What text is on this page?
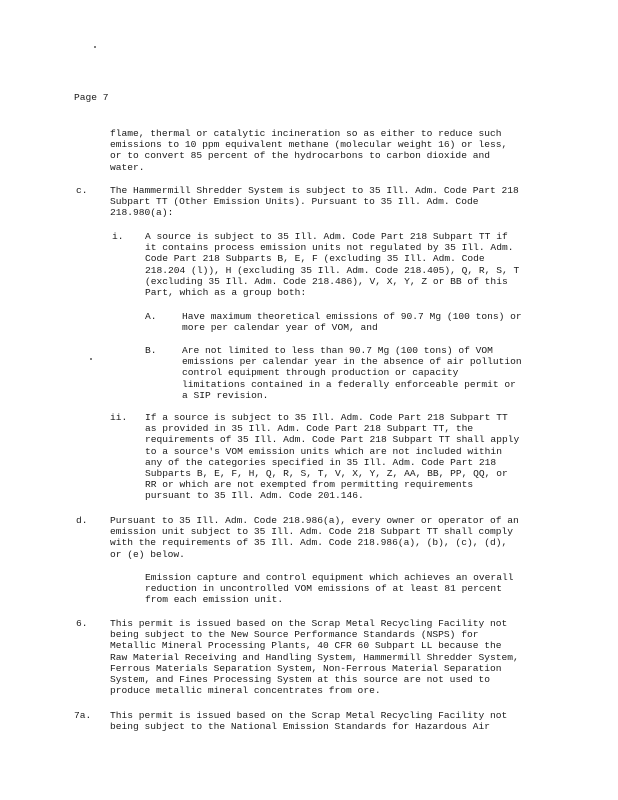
Page 7
flame, thermal or catalytic incineration so as either to reduce such
emissions to 10 ppm equivalent methane (molecular weight 16) or less,
or to convert 85 percent of the hydrocarbons to carbon dioxide and
water.
c. The Hammermill Shredder System is subject to 35 Ill. Adm. Code Part 218
Subpart TT (Other Emission Units). Pursuant to 35 Ill. Adm. Code
218.980(a):
i. A source is subject to 35 Ill. Adm. Code Part 218 Subpart TT if
it contains process emission units not regulated by 35 Ill. Adm.
Code Part 218 Subparts B, E, F (excluding 35 Ill. Adm. Code
218.204 (l)), H (excluding 35 Ill. Adm. Code 218.405), Q, R, S, T
(excluding 35 Ill. Adm. Code 218.486), V, X, Y, Z or BB of this
Part, which as a group both:
A.	Have maximum theoretical emissions of 90.7 Mg (100 tons) or
more per calendar year of VOM, and
B.	Are not limited to less than 90.7 Mg (100 tons) of VOM
emissions per calendar year in the absence of air pollution
control equipment through production or capacity
limitations contained in a federally enforceable permit or
a SIP revision.
ii. If a source is subject to 35 Ill. Adm. Code Part 218 Subpart TT
as provided in 35 Ill. Adm. Code Part 218 Subpart TT, the
requirements of 35 Ill. Adm. Code Part 218 Subpart TT shall apply
to a source's VOM emission units which are not included within
any of the categories specified in 35 Ill. Adm. Code Part 218
Subparts B, E, F, H, Q, R, S, T, V, X, Y, Z, AA, BB, PP, QQ, or
RR or which are not exempted from permitting requirements
pursuant to 35 Ill. Adm. Code 201.146.
d. Pursuant to 35 Ill. Adm. Code 218.986(a), every owner or operator of an
emission unit subject to 35 Ill. Adm. Code 218 Subpart TT shall comply
with the requirements of 35 Ill. Adm. Code 218.986(a), (b), (c), (d),
or (e) below.
Emission capture and control equipment which achieves an overall
reduction in uncontrolled VOM emissions of at least 81 percent
from each emission unit.
6. This permit is issued based on the Scrap Metal Recycling Facility not
being subject to the New Source Performance Standards (NSPS) for
Metallic Mineral Processing Plants, 40 CFR 60 Subpart LL because the
Raw Material Receiving and Handling System, Hammermill Shredder System,
Ferrous Materials Separation System, Non-Ferrous Material Separation
System, and Fines Processing System at this source are not used to
produce metallic mineral concentrates from ore.
7a. This permit is issued based on the Scrap Metal Recycling Facility not
being subject to the National Emission Standards for Hazardous Air
